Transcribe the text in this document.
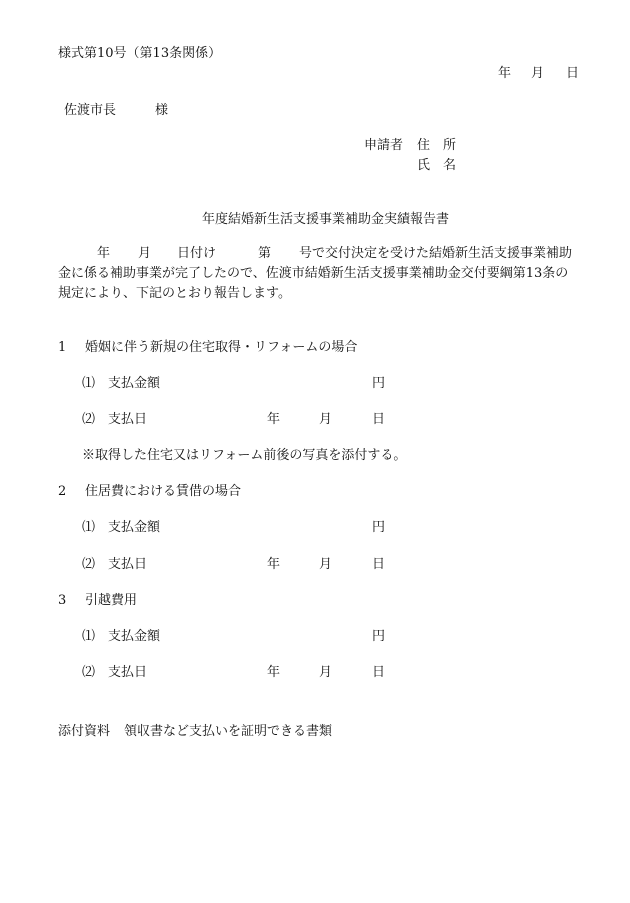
様式第10号（第13条関係）
年 月 日
佐渡市長	様
申請者 住　所
氏　名
年度結婚新生活支援事業補助金実績報告書
年 月 日付け	第 号で交付決定を受けた結婚新生活支援事業補助
金に係る補助事業が完了したので、佐渡市結婚新生活支援事業補助金交付要綱第13条の
規定により、下記のとおり報告します。
1 婚姻に伴う新規の住宅取得・リフォームの場合
⑴ 支払金額	円
⑵ 支払日	年	月	日
※取得した住宅又はリフォーム前後の写真を添付する。
2 住居費における賃借の場合
⑴ 支払金額	円
⑵ 支払日	年	月	日
3 引越費用
⑴ 支払金額	円
⑵ 支払日	年	月	日
添付資料 領収書など支払いを証明できる書類
